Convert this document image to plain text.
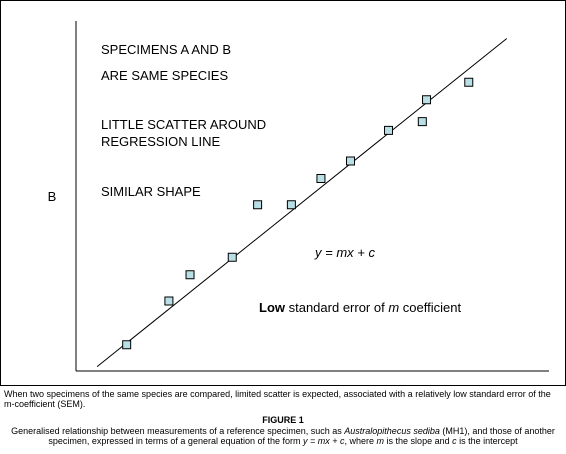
B
SPECIMENS A AND B
ARE SAME SPECIES
LITTLE SCATTER AROUND
REGRESSION LINE
SIMILAR SHAPE
y = mx + c
Low standard error of m coefficient
When two specimens of the same species are compared, limited scatter is expected, associated with a relatively low standard error of the m-coefficient (SEM).
FIGURE 1
Generalised relationship between measurements of a reference specimen, such as Australopithecus sediba (MH1), and those of another specimen, expressed in terms of a general equation of the form y = mx + c, where m is the slope and c is the intercept
